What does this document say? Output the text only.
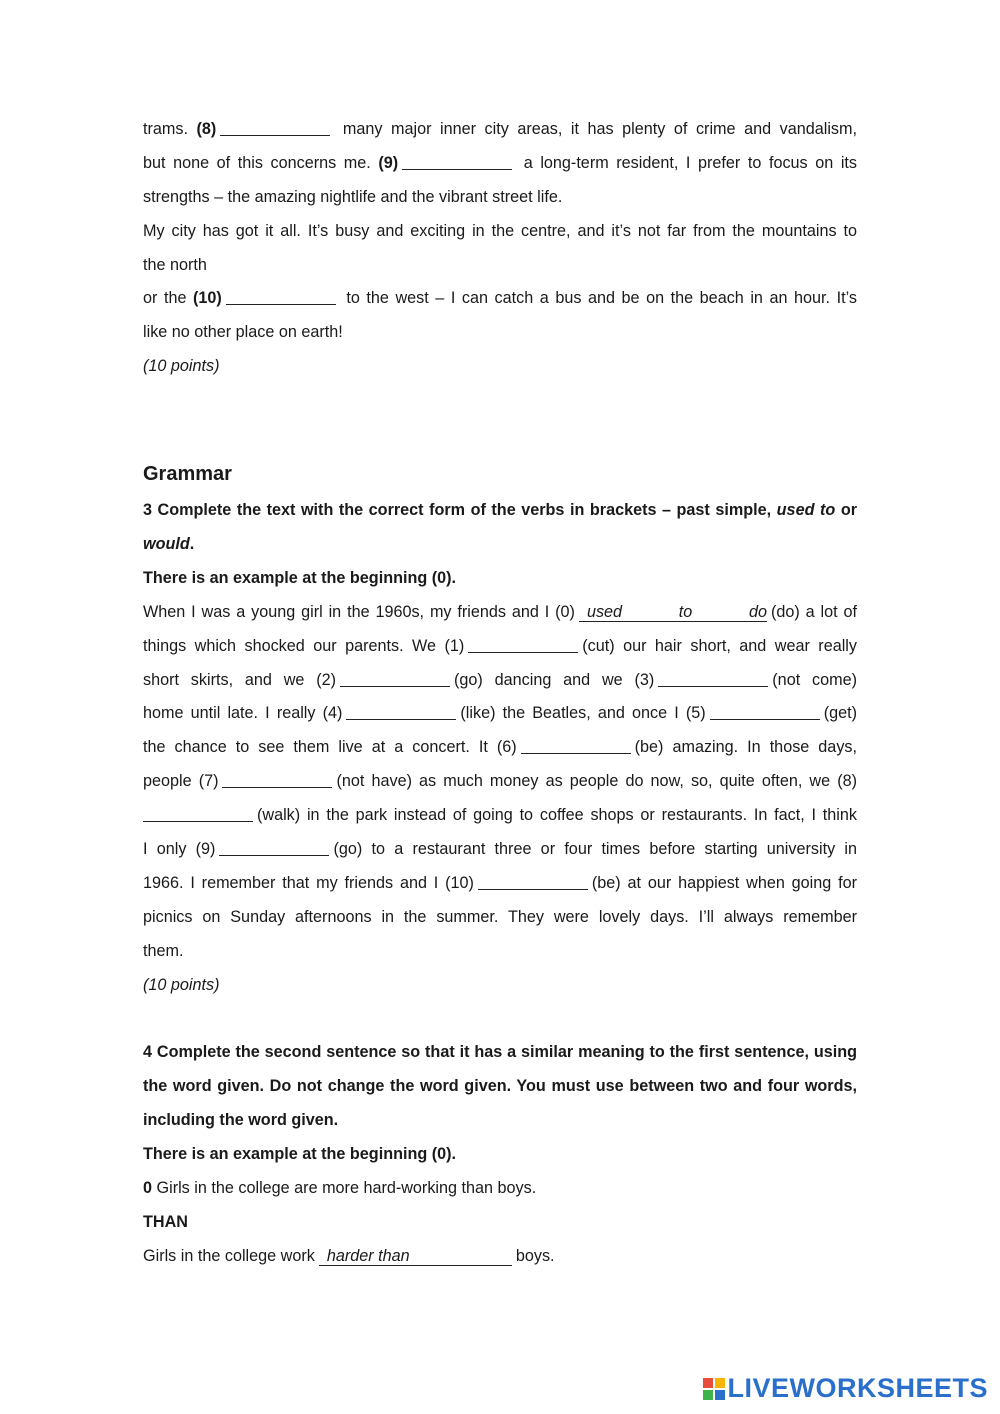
trams. (8)	many major inner city areas, it has plenty of crime and vandalism,
but none of this concerns me. (9)	a long-term resident, I prefer to focus on its
strengths – the amazing nightlife and the vibrant street life.
My city has got it all. It’s busy and exciting in the centre, and it’s not far from the mountains to
the north
or the (10)	to the west – I can catch a bus and be on the beach in an hour. It’s
like no other place on earth!
(10 points)
Grammar
3 Complete the text with the correct form of the verbs in brackets – past simple, used to or
would.
There is an example at the beginning (0).
When I was a young girl in the 1960s, my friends and I (0) used to do (do) a lot of
things which shocked our parents. We (1)	(cut) our hair short, and wear really
short skirts, and we (2)	(go) dancing and we (3)	(not come)
home until late. I really (4)	(like) the Beatles, and once I (5)	(get)
the chance to see them live at a concert. It (6)	(be) amazing. In those days,
people (7)	(not have) as much money as people do now, so, quite often, we (8)
(walk) in the park instead of going to coffee shops or restaurants. In fact, I think
I only (9)	(go) to a restaurant three or four times before starting university in
1966. I remember that my friends and I (10)	(be) at our happiest when going for
picnics on Sunday afternoons in the summer. They were lovely days. I’ll always remember
them.
(10 points)
4 Complete the second sentence so that it has a similar meaning to the first sentence, using
the word given. Do not change the word given. You must use between two and four words,
including the word given.
There is an example at the beginning (0).
0 Girls in the college are more hard-working than boys.
THAN
Girls in the college work harder than	boys.
LIVEWORKSHEETS
